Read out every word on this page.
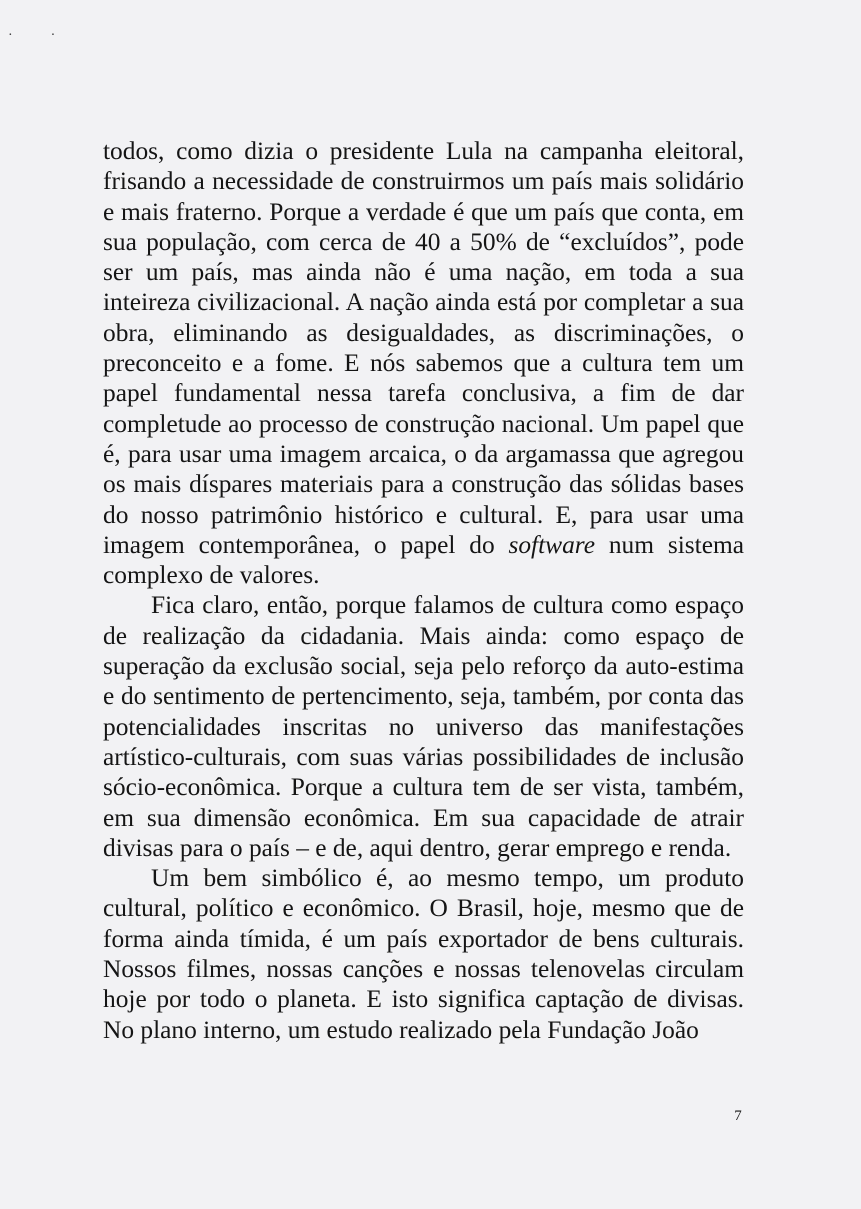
··

todos, como dizia o presidente Lula na campanha eleitoral, frisando a necessidade de construirmos um país mais solidário e mais fraterno. Porque a verdade é que um país que conta, em sua população, com cerca de 40 a 50% de “excluídos”, pode ser um país, mas ainda não é uma nação, em toda a sua inteireza civilizacional. A nação ainda está por completar a sua obra, eliminando as desigualdades, as discriminações, o preconceito e a fome. E nós sabemos que a cultura tem um papel fundamental nessa tarefa conclusiva, a fim de dar completude ao processo de construção nacional. Um papel que é, para usar uma imagem arcaica, o da argamassa que agregou os mais díspares materiais para a construção das sólidas bases do nosso patrimônio histórico e cultural. E, para usar uma imagem contemporânea, o papel do software num sistema complexo de valores.

Fica claro, então, porque falamos de cultura como espaço de realização da cidadania. Mais ainda: como espaço de superação da exclusão social, seja pelo reforço da auto-estima e do sentimento de pertencimento, seja, também, por conta das potencialidades inscritas no universo das manifestações artístico-culturais, com suas várias possibilidades de inclusão sócio-econômica. Porque a cultura tem de ser vista, também, em sua dimensão econômica. Em sua capacidade de atrair divisas para o país – e de, aqui dentro, gerar emprego e renda.

Um bem simbólico é, ao mesmo tempo, um produto cultural, político e econômico. O Brasil, hoje, mesmo que de forma ainda tímida, é um país exportador de bens culturais. Nossos filmes, nossas canções e nossas telenovelas circulam hoje por todo o planeta. E isto significa captação de divisas. No plano interno, um estudo realizado pela Fundação João

7
